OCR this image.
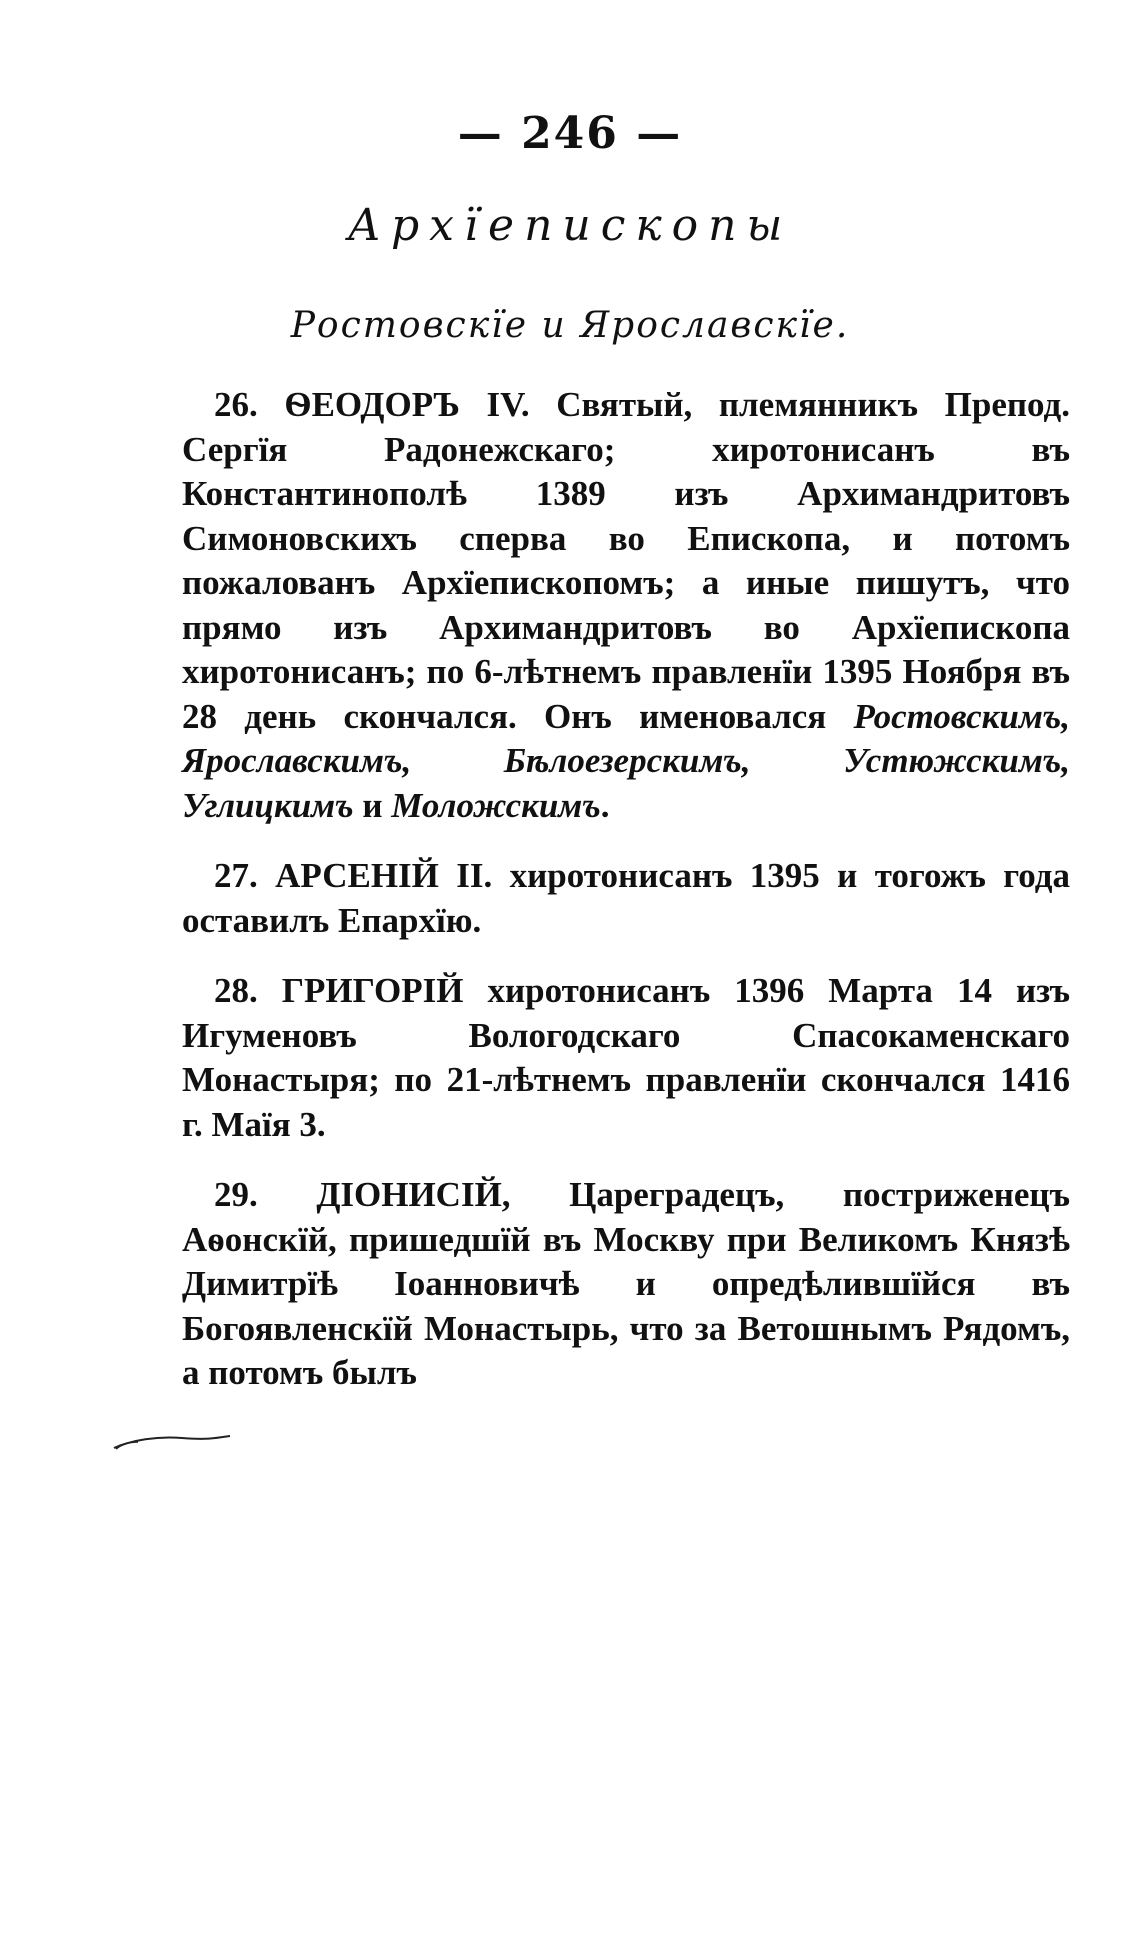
— 246 —
Архїепископы
Ростовскїе и Ярославскїе.

26. ѲЕОДОРЪ IV. Святый, племянникъ Препод. Сергїя Радонежскаго; хиротонисанъ въ Константинополѣ 1389 изъ Архимандритовъ Симоновскихъ сперва во Епископа, и потомъ пожалованъ Архїепископомъ; а иные пишутъ, что прямо изъ Архимандритовъ во Архїепископа хиротонисанъ; по 6-лѣтнемъ правленїи 1395 Ноября въ 28 день скончался. Онъ именовался Ростовскимъ, Ярославскимъ, Бѣлоезерскимъ, Устюжскимъ, Углицкимъ и Моложскимъ.

27. АРСЕНIЙ II. хиротонисанъ 1395 и тогожъ года оставилъ Епархїю.

28. ГРИГОРIЙ хиротонисанъ 1396 Марта 14 изъ Игуменовъ Вологодскаго Спасокаменскаго Монастыря; по 21-лѣтнемъ правленїи скончался 1416 г. Маїя 3.

29. ДIОНИСIЙ, Цареградецъ, постриженецъ Аѳонскїй, пришедшїй въ Москву при Великомъ Князѣ Димитрїѣ Іоанновичѣ и опредѣлившїйся въ Богоявленскїй Монастырь, что за Ветошнымъ Рядомъ, а потомъ былъ
